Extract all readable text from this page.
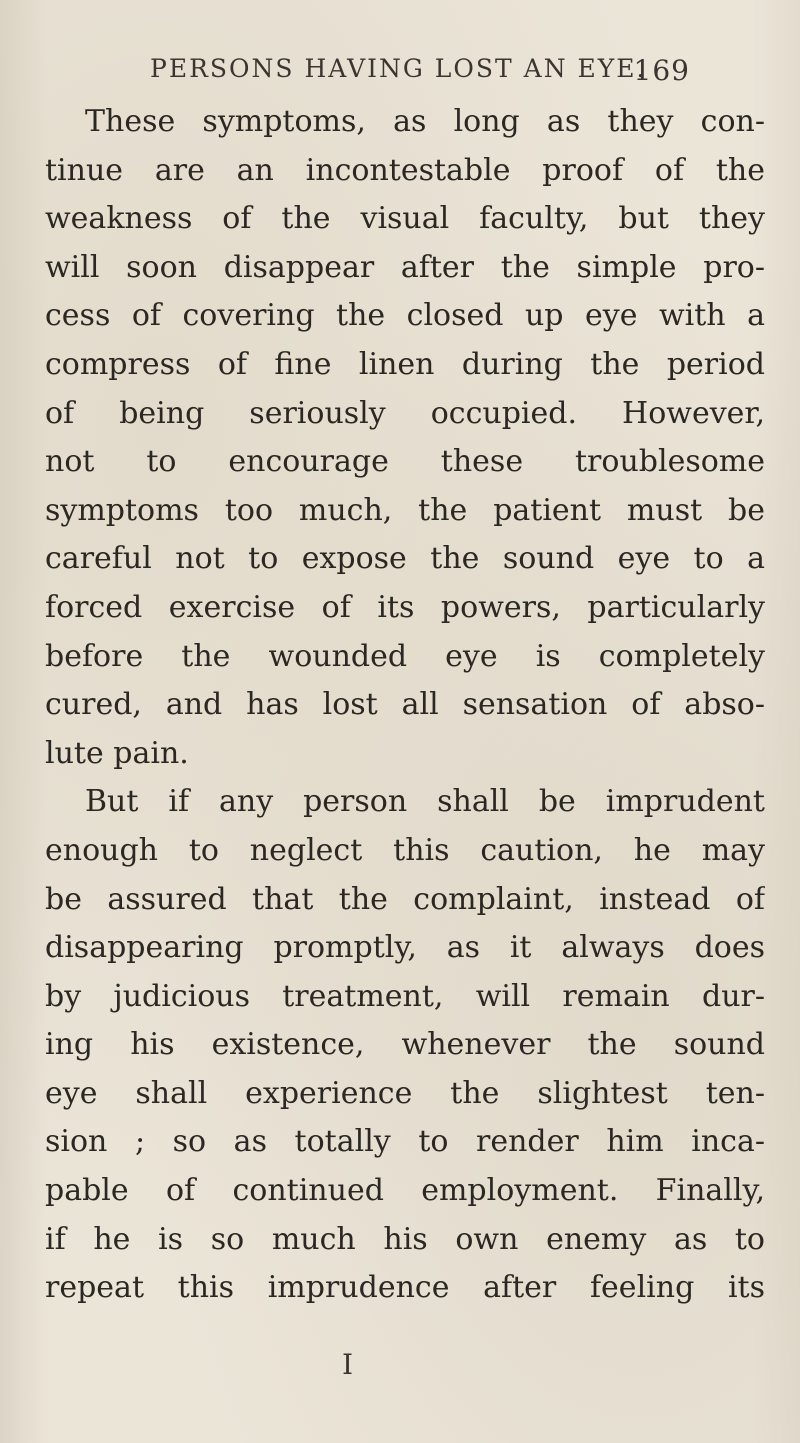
PERSONS HAVING LOST AN EYE.
169
These symptoms, as long as they con-
tinue are an incontestable proof of the
weakness of the visual faculty, but they
will soon disappear after the simple pro-
cess of covering the closed up eye with a
compress of fine linen during the period
of being seriously occupied. However,
not to encourage these troublesome
symptoms too much, the patient must be
careful not to expose the sound eye to a
forced exercise of its powers, particularly
before the wounded eye is completely
cured, and has lost all sensation of abso-
lute pain.
But if any person shall be imprudent
enough to neglect this caution, he may
be assured that the complaint, instead of
disappearing promptly, as it always does
by judicious treatment, will remain dur-
ing his existence, whenever the sound
eye shall experience the slightest ten-
sion ; so as totally to render him inca-
pable of continued employment. Finally,
if he is so much his own enemy as to
repeat this imprudence after feeling its
I
